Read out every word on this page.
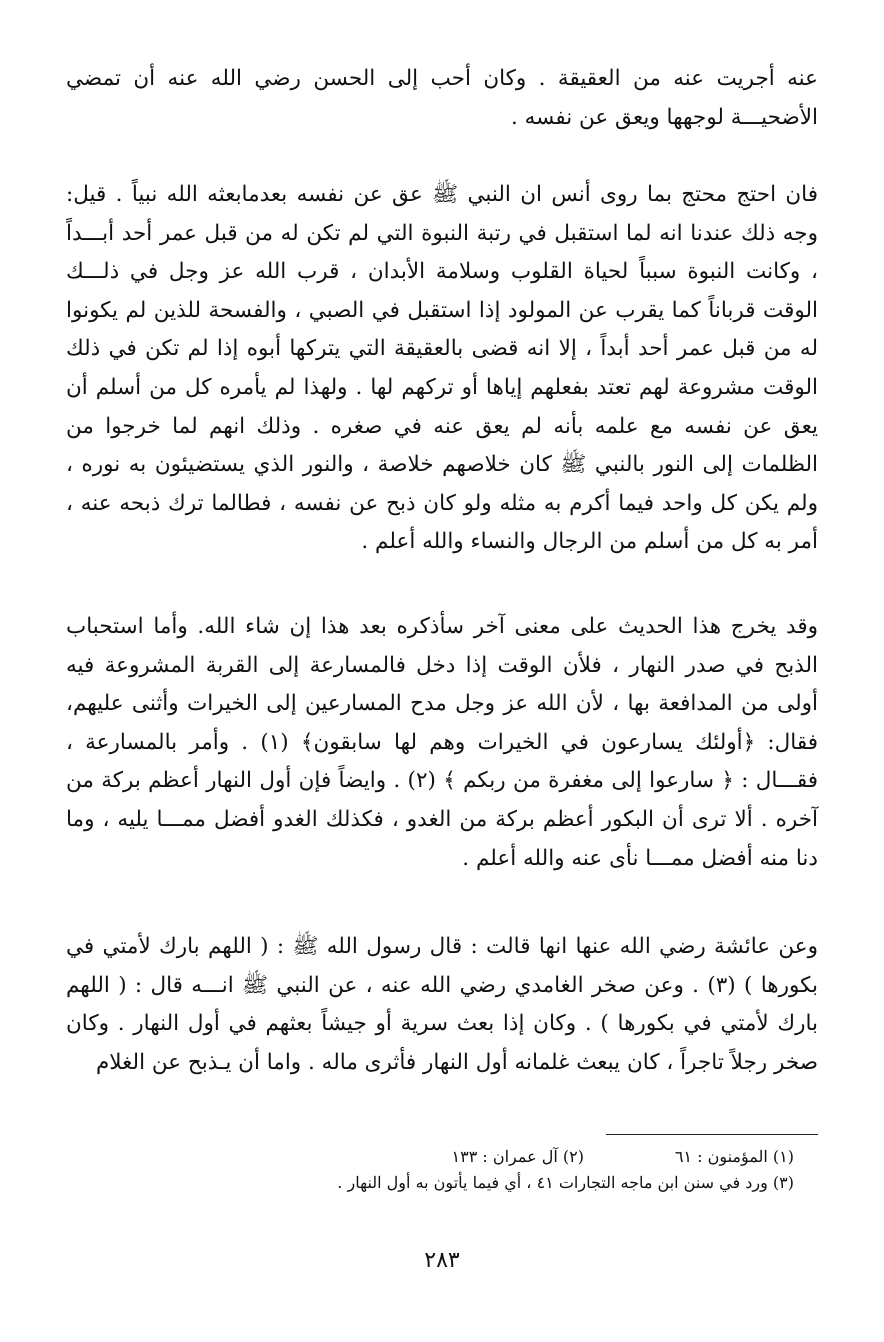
عنه أجريت عنه من العقيقة . وكان أحب إلى الحسن رضي الله عنه أن تمضي الأضحيـــة لوجهها ويعق عن نفسه .

فان احتج محتج بما روى أنس ان النبي ﷺ عق عن نفسه بعدمابعثه الله نبياً . قيل: وجه ذلك عندنا انه لما استقبل في رتبة النبوة التي لم تكن له من قبل عمر أحد أبـــداً ، وكانت النبوة سبباً لحياة القلوب وسلامة الأبدان ، قرب الله عز وجل في ذلـــك الوقت قرباناً كما يقرب عن المولود إذا استقبل في الصبي ، والفسحة للذين لم يكونوا له من قبل عمر أحد أبداً ، إلا انه قضى بالعقيقة التي يتركها أبوه إذا لم تكن في ذلك الوقت مشروعة لهم تعتد بفعلهم إياها أو تركهم لها . ولهذا لم يأمره كل من أسلم أن يعق عن نفسه مع علمه بأنه لم يعق عنه في صغره . وذلك انهم لما خرجوا من الظلمات إلى النور بالنبي ﷺ كان خلاصهم خلاصة ، والنور الذي يستضيئون به نوره ، ولم يكن كل واحد فيما أكرم به مثله ولو كان ذبح عن نفسه ، فطالما ترك ذبحه عنه ، أمر به كل من أسلم من الرجال والنساء والله أعلم .

وقد يخرج هذا الحديث على معنى آخر سأذكره بعد هذا إن شاء الله. وأما استحباب الذبح في صدر النهار ، فلأن الوقت إذا دخل فالمسارعة إلى القربة المشروعة فيه أولى من المدافعة بها ، لأن الله عز وجل مدح المسارعين إلى الخيرات وأثنى عليهم، فقال: ﴿أولئك يسارعون في الخيرات وهم لها سابقون﴾ (١) . وأمر بالمسارعة ، فقـــال : ﴿ سارعوا إلى مغفرة من ربكم ﴾ (٢) . وايضاً فإن أول النهار أعظم بركة من آخره . ألا ترى أن البكور أعظم بركة من الغدو ، فكذلك الغدو أفضل ممـــا يليه ، وما دنا منه أفضل ممـــا نأى عنه والله أعلم .

وعن عائشة رضي الله عنها انها قالت : قال رسول الله ﷺ : ( اللهم بارك لأمتي في بكورها ) (٣) . وعن صخر الغامدي رضي الله عنه ، عن النبي ﷺ انـــه قال : ( اللهم بارك لأمتي في بكورها ) . وكان إذا بعث سرية أو جيشاً بعثهم في أول النهار . وكان صخر رجلاً تاجراً ، كان يبعث غلمانه أول النهار فأثرى ماله . واما أن يـذبح عن الغلام

(١) المؤمنون : ٦١
(٢) آل عمران : ١٣٣
(٣) ورد في سنن ابن ماجه التجارات ٤١ ، أي فيما يأتون به أول النهار .
٢٨٣
